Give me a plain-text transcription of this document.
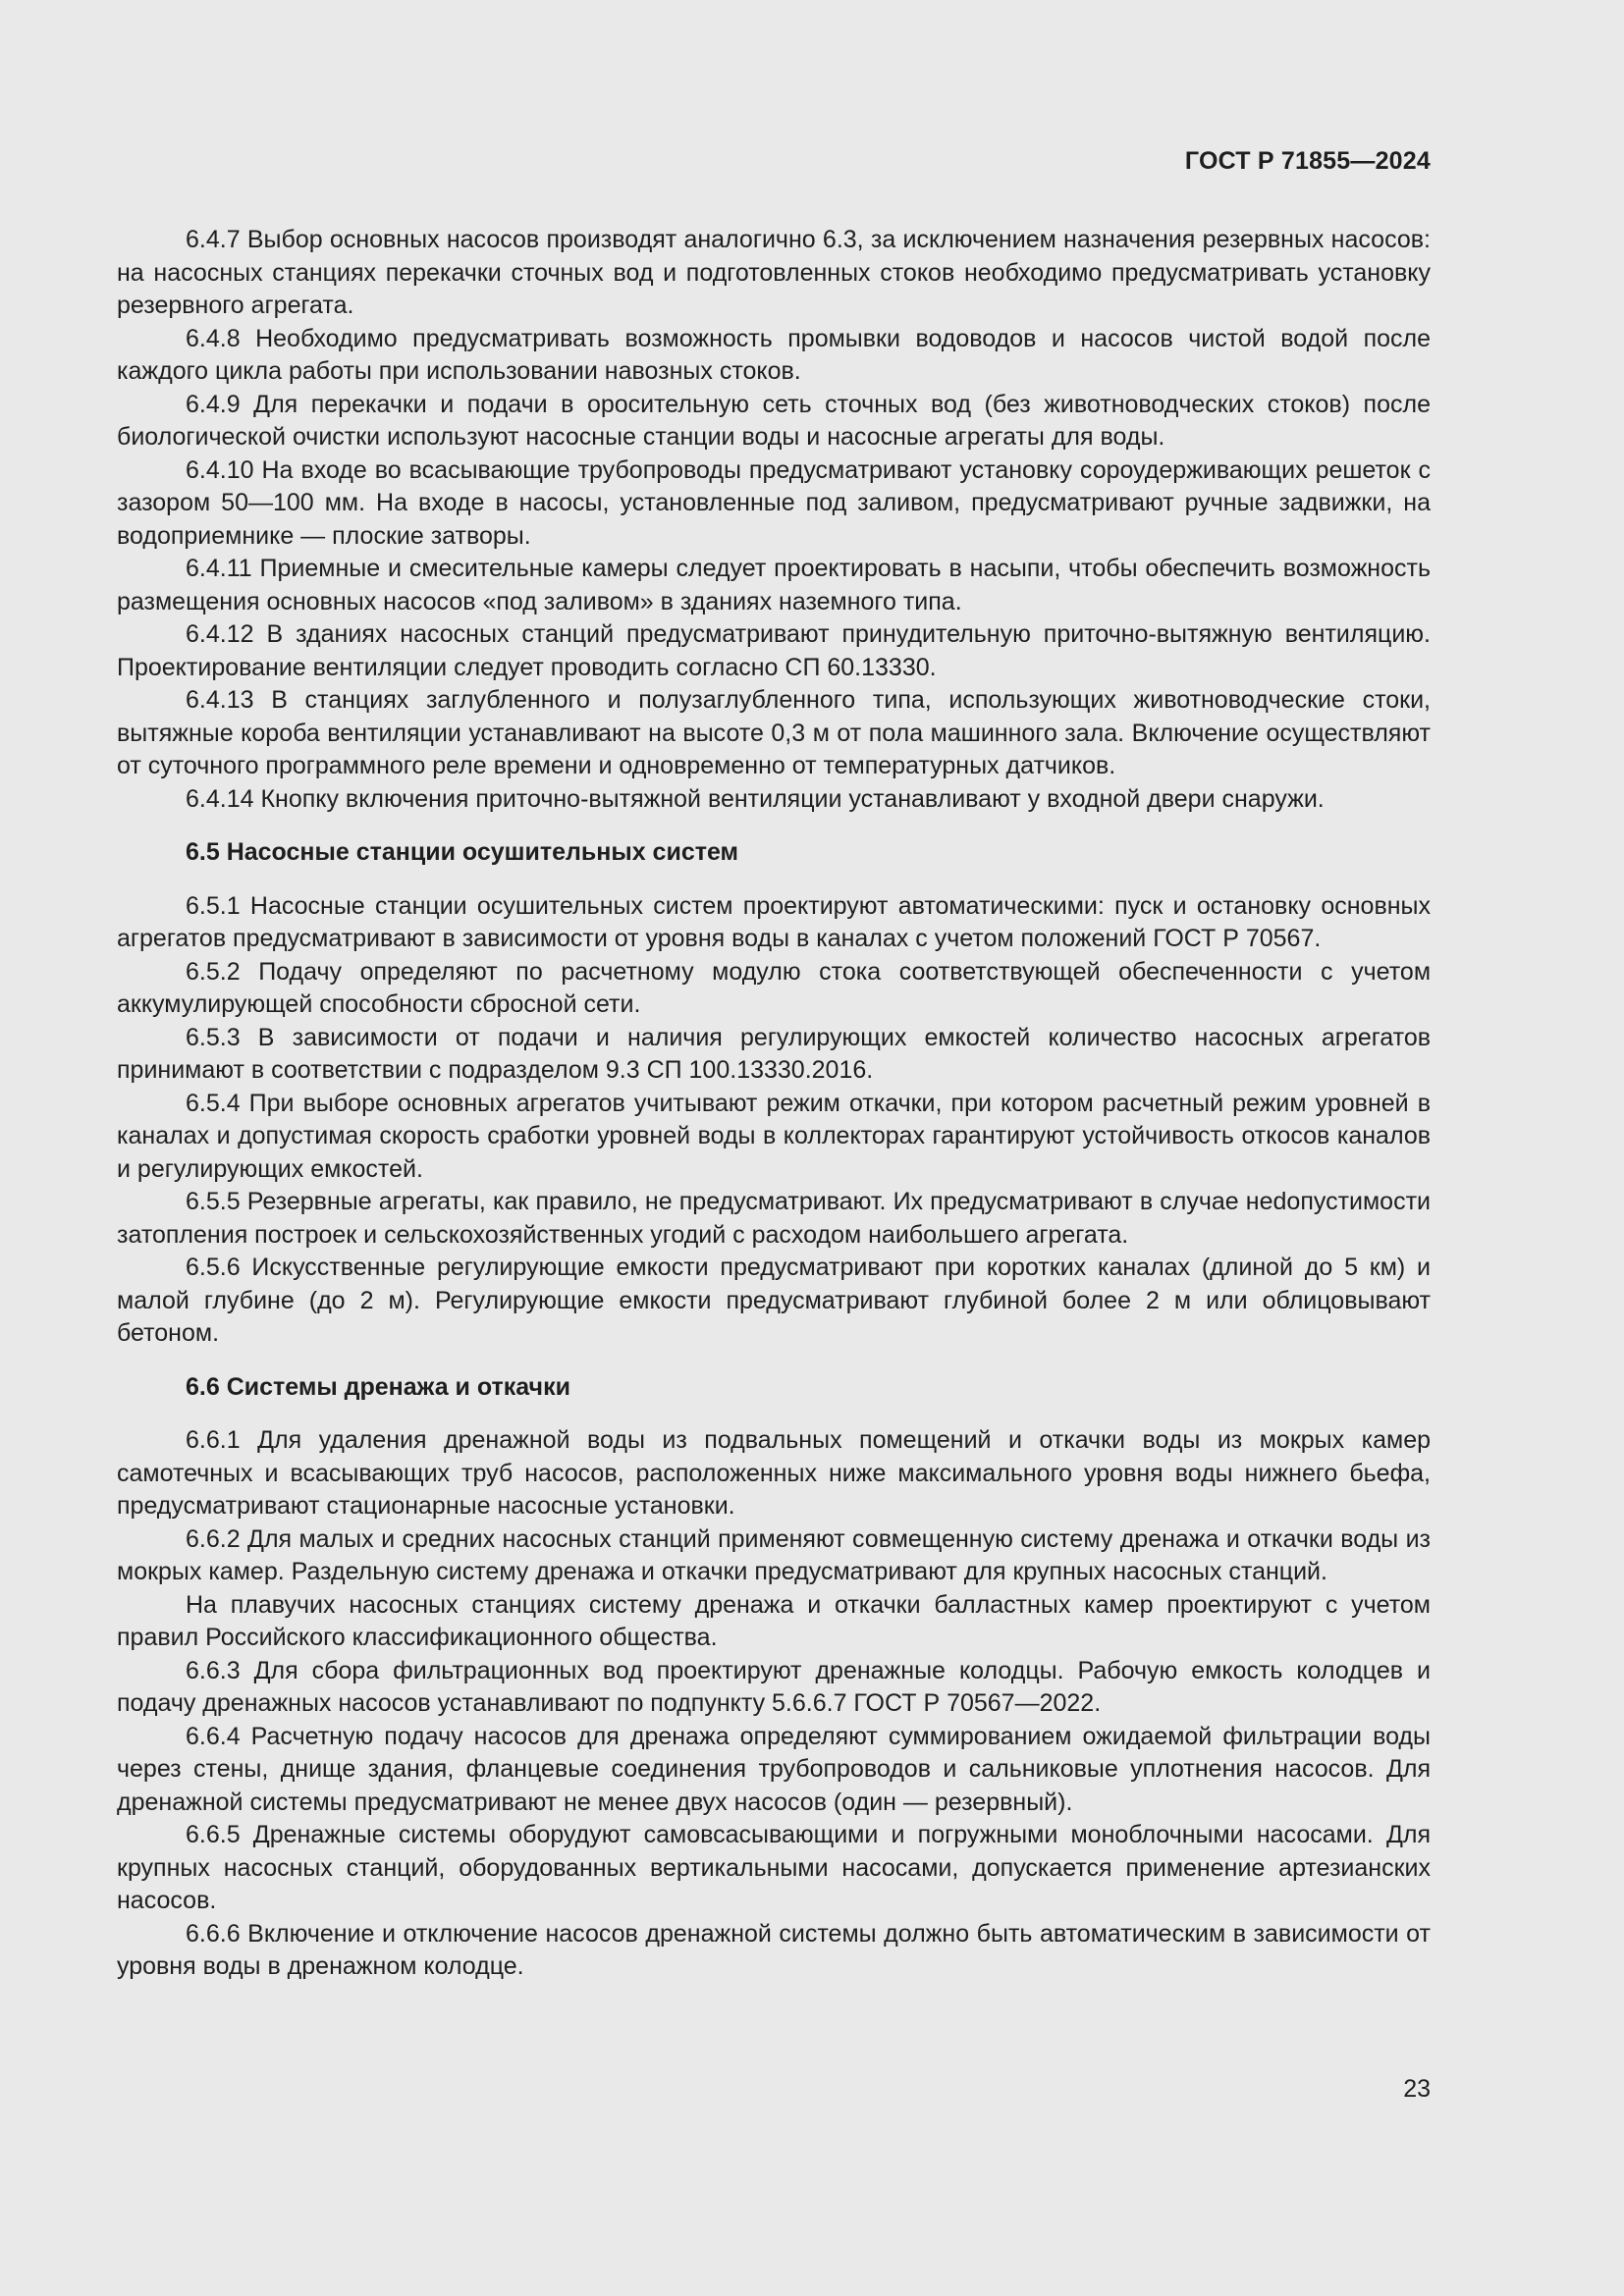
ГОСТ Р 71855—2024

6.4.7 Выбор основных насосов производят аналогично 6.3, за исключением назначения резервных насосов: на насосных станциях перекачки сточных вод и подготовленных стоков необходимо предусматривать установку резервного агрегата.

6.4.8 Необходимо предусматривать возможность промывки водоводов и насосов чистой водой после каждого цикла работы при использовании навозных стоков.

6.4.9 Для перекачки и подачи в оросительную сеть сточных вод (без животноводческих стоков) после биологической очистки используют насосные станции воды и насосные агрегаты для воды.

6.4.10 На входе во всасывающие трубопроводы предусматривают установку сороудерживающих решеток с зазором 50—100 мм. На входе в насосы, установленные под заливом, предусматривают ручные задвижки, на водоприемнике — плоские затворы.

6.4.11 Приемные и смесительные камеры следует проектировать в насыпи, чтобы обеспечить возможность размещения основных насосов «под заливом» в зданиях наземного типа.

6.4.12 В зданиях насосных станций предусматривают принудительную приточно-вытяжную вентиляцию. Проектирование вентиляции следует проводить согласно СП 60.13330.

6.4.13 В станциях заглубленного и полузаглубленного типа, использующих животноводческие стоки, вытяжные короба вентиляции устанавливают на высоте 0,3 м от пола машинного зала. Включение осуществляют от суточного программного реле времени и одновременно от температурных датчиков.

6.4.14 Кнопку включения приточно-вытяжной вентиляции устанавливают у входной двери снаружи.

6.5 Насосные станции осушительных систем

6.5.1 Насосные станции осушительных систем проектируют автоматическими: пуск и остановку основных агрегатов предусматривают в зависимости от уровня воды в каналах с учетом положений ГОСТ Р 70567.

6.5.2 Подачу определяют по расчетному модулю стока соответствующей обеспеченности с учетом аккумулирующей способности сбросной сети.

6.5.3 В зависимости от подачи и наличия регулирующих емкостей количество насосных агрегатов принимают в соответствии с подразделом 9.3 СП 100.13330.2016.

6.5.4 При выборе основных агрегатов учитывают режим откачки, при котором расчетный режим уровней в каналах и допустимая скорость сработки уровней воды в коллекторах гарантируют устойчивость откосов каналов и регулирующих емкостей.

6.5.5 Резервные агрегаты, как правило, не предусматривают. Их предусматривают в случае неdопустимости затопления построек и сельскохозяйственных угодий с расходом наибольшего агрегата.

6.5.6 Искусственные регулирующие емкости предусматривают при коротких каналах (длиной до 5 км) и малой глубине (до 2 м). Регулирующие емкости предусматривают глубиной более 2 м или облицовывают бетоном.

6.6 Системы дренажа и откачки

6.6.1 Для удаления дренажной воды из подвальных помещений и откачки воды из мокрых камер самотечных и всасывающих труб насосов, расположенных ниже максимального уровня воды нижнего бьефа, предусматривают стационарные насосные установки.

6.6.2 Для малых и средних насосных станций применяют совмещенную систему дренажа и откачки воды из мокрых камер. Раздельную систему дренажа и откачки предусматривают для крупных насосных станций.

На плавучих насосных станциях систему дренажа и откачки балластных камер проектируют с учетом правил Российского классификационного общества.

6.6.3 Для сбора фильтрационных вод проектируют дренажные колодцы. Рабочую емкость колодцев и подачу дренажных насосов устанавливают по подпункту 5.6.6.7 ГОСТ Р 70567—2022.

6.6.4 Расчетную подачу насосов для дренажа определяют суммированием ожидаемой фильтрации воды через стены, днище здания, фланцевые соединения трубопроводов и сальниковые уплотнения насосов. Для дренажной системы предусматривают не менее двух насосов (один — резервный).

6.6.5 Дренажные системы оборудуют самовсасывающими и погружными моноблочными насосами. Для крупных насосных станций, оборудованных вертикальными насосами, допускается применение артезианских насосов.

6.6.6 Включение и отключение насосов дренажной системы должно быть автоматическим в зависимости от уровня воды в дренажном колодце.

23
